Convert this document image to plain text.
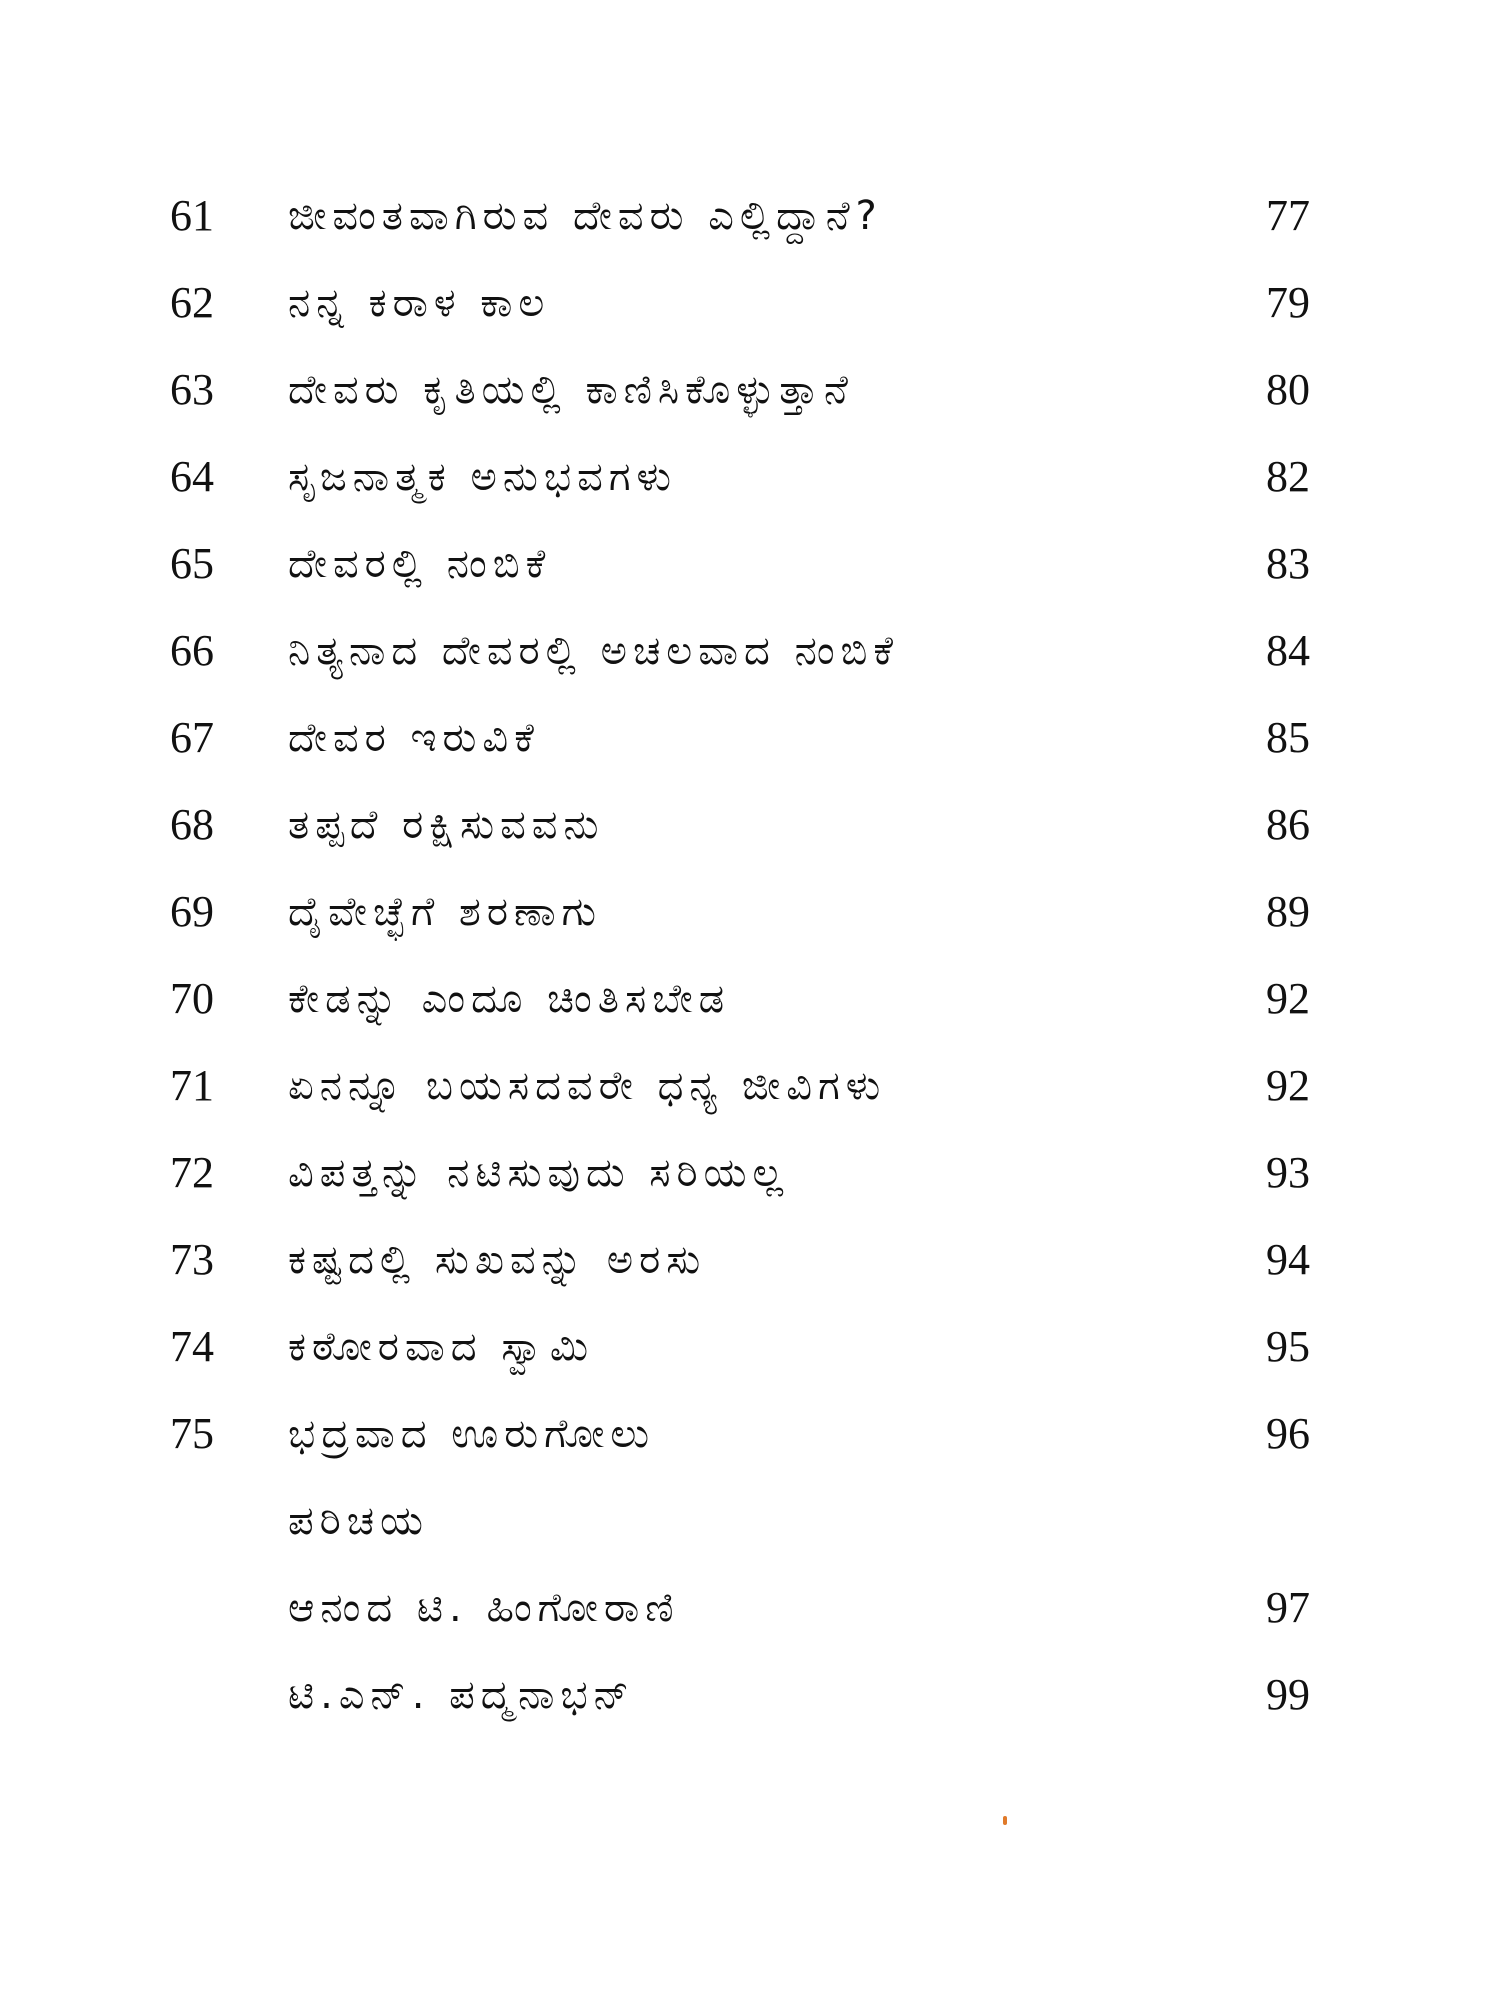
61	ಜೀವಂತವಾಗಿರುವ ದೇವರು ಎಲ್ಲಿದ್ದಾನೆ?	77
62	ನನ್ನ ಕರಾಳ ಕಾಲ	79
63	ದೇವರು ಕೃತಿಯಲ್ಲಿ ಕಾಣಿಸಿಕೊಳ್ಳುತ್ತಾನೆ	80
64	ಸೃಜನಾತ್ಮಕ ಅನುಭವಗಳು	82
65	ದೇವರಲ್ಲಿ ನಂಬಿಕೆ	83
66	ನಿತ್ಯನಾದ ದೇವರಲ್ಲಿ ಅಚಲವಾದ ನಂಬಿಕೆ	84
67	ದೇವರ ಇರುವಿಕೆ	85
68	ತಪ್ಪದೆ ರಕ್ಷಿಸುವವನು	86
69	ದೈವೇಚ್ಛೆಗೆ ಶರಣಾಗು	89
70	ಕೇಡನ್ನು ಎಂದೂ ಚಿಂತಿಸಬೇಡ	92
71	ಏನನ್ನೂ ಬಯಸದವರೇ ಧನ್ಯ ಜೀವಿಗಳು	92
72	ವಿಪತ್ತನ್ನು ನಟಿಸುವುದು ಸರಿಯಲ್ಲ	93
73	ಕಷ್ಟದಲ್ಲಿ ಸುಖವನ್ನು ಅರಸು	94
74	ಕಠೋರವಾದ ಸ್ವಾಮಿ	95
75	ಭದ್ರವಾದ ಊರುಗೋಲು	96
ಪರಿಚಯ
ಆನಂದ ಟಿ. ಹಿಂಗೋರಾಣಿ	97
ಟಿ.ಎನ್. ಪದ್ಮನಾಭನ್	99
